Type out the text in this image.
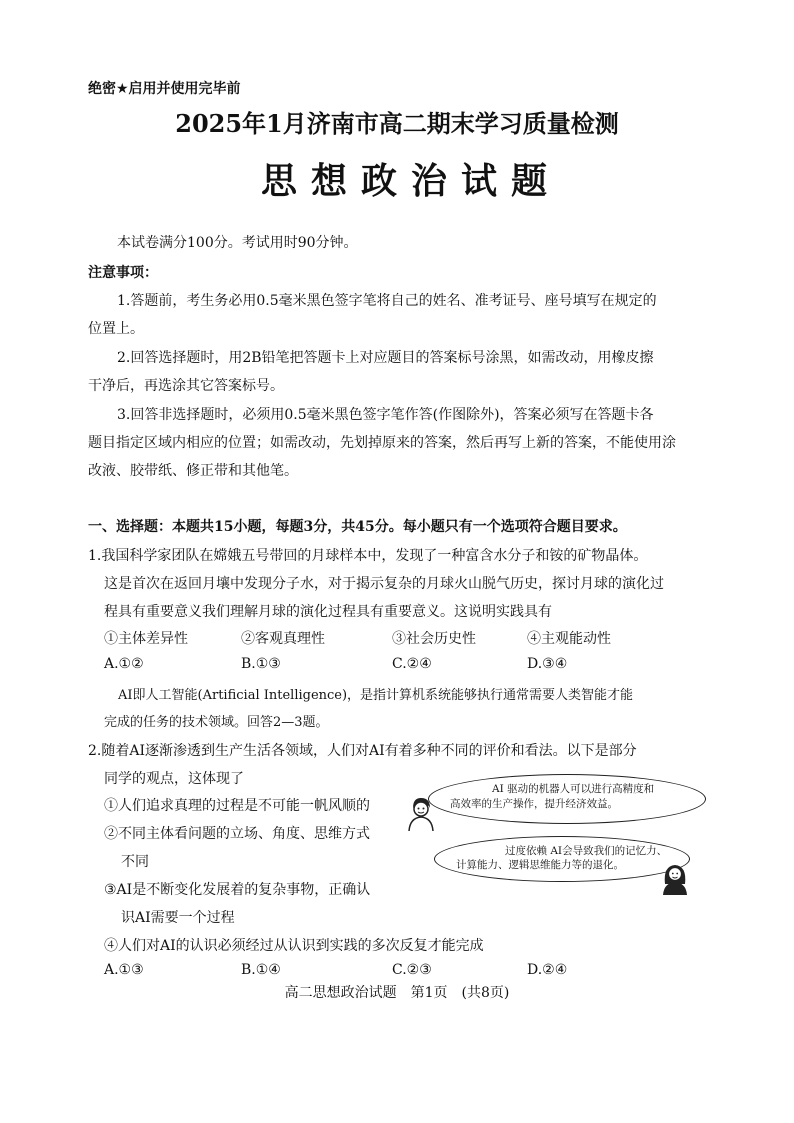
绝密★启用并使用完毕前
2025年1月济南市高二期末学习质量检测
思想政治试题
本试卷满分100分。考试用时90分钟。
注意事项：
1.答题前，考生务必用0.5毫米黑色签字笔将自己的姓名、准考证号、座号填写在规定的
位置上。
2.回答选择题时，用2B铅笔把答题卡上对应题目的答案标号涂黑，如需改动，用橡皮擦
干净后，再选涂其它答案标号。
3.回答非选择题时，必须用0.5毫米黑色签字笔作答(作图除外)，答案必须写在答题卡各
题目指定区域内相应的位置；如需改动，先划掉原来的答案，然后再写上新的答案，不能使用涂
改液、胶带纸、修正带和其他笔。
一、选择题：本题共15小题，每题3分，共45分。每小题只有一个选项符合题目要求。
1.我国科学家团队在嫦娥五号带回的月球样本中，发现了一种富含水分子和铵的矿物晶体。
这是首次在返回月壤中发现分子水，对于揭示复杂的月球火山脱气历史，探讨月球的演化过
程具有重要意义我们理解月球的演化过程具有重要意义。这说明实践具有
①主体差异性	②客观真理性	③社会历史性	④主观能动性
A.①②	B.①③	C.②④	D.③④
AI即人工智能(Artificial Intelligence)，是指计算机系统能够执行通常需要人类智能才能
完成的任务的技术领域。回答2—3题。
2.随着AI逐渐渗透到生产生活各领域，人们对AI有着多种不同的评价和看法。以下是部分
同学的观点，这体现了
①人们追求真理的过程是不可能一帆风顺的
②不同主体看问题的立场、角度、思维方式
不同
③AI是不断变化发展着的复杂事物，正确认
识AI需要一个过程
④人们对AI的认识必须经过从认识到实践的多次反复才能完成
A.①③	B.①④	C.②③	D.②④
AI 驱动的机器人可以进行高精度和
高效率的生产操作，提升经济效益。
过度依赖 AI会导致我们的记忆力、
计算能力、逻辑思维能力等的退化。
高二思想政治试题　第1页　(共8页)
